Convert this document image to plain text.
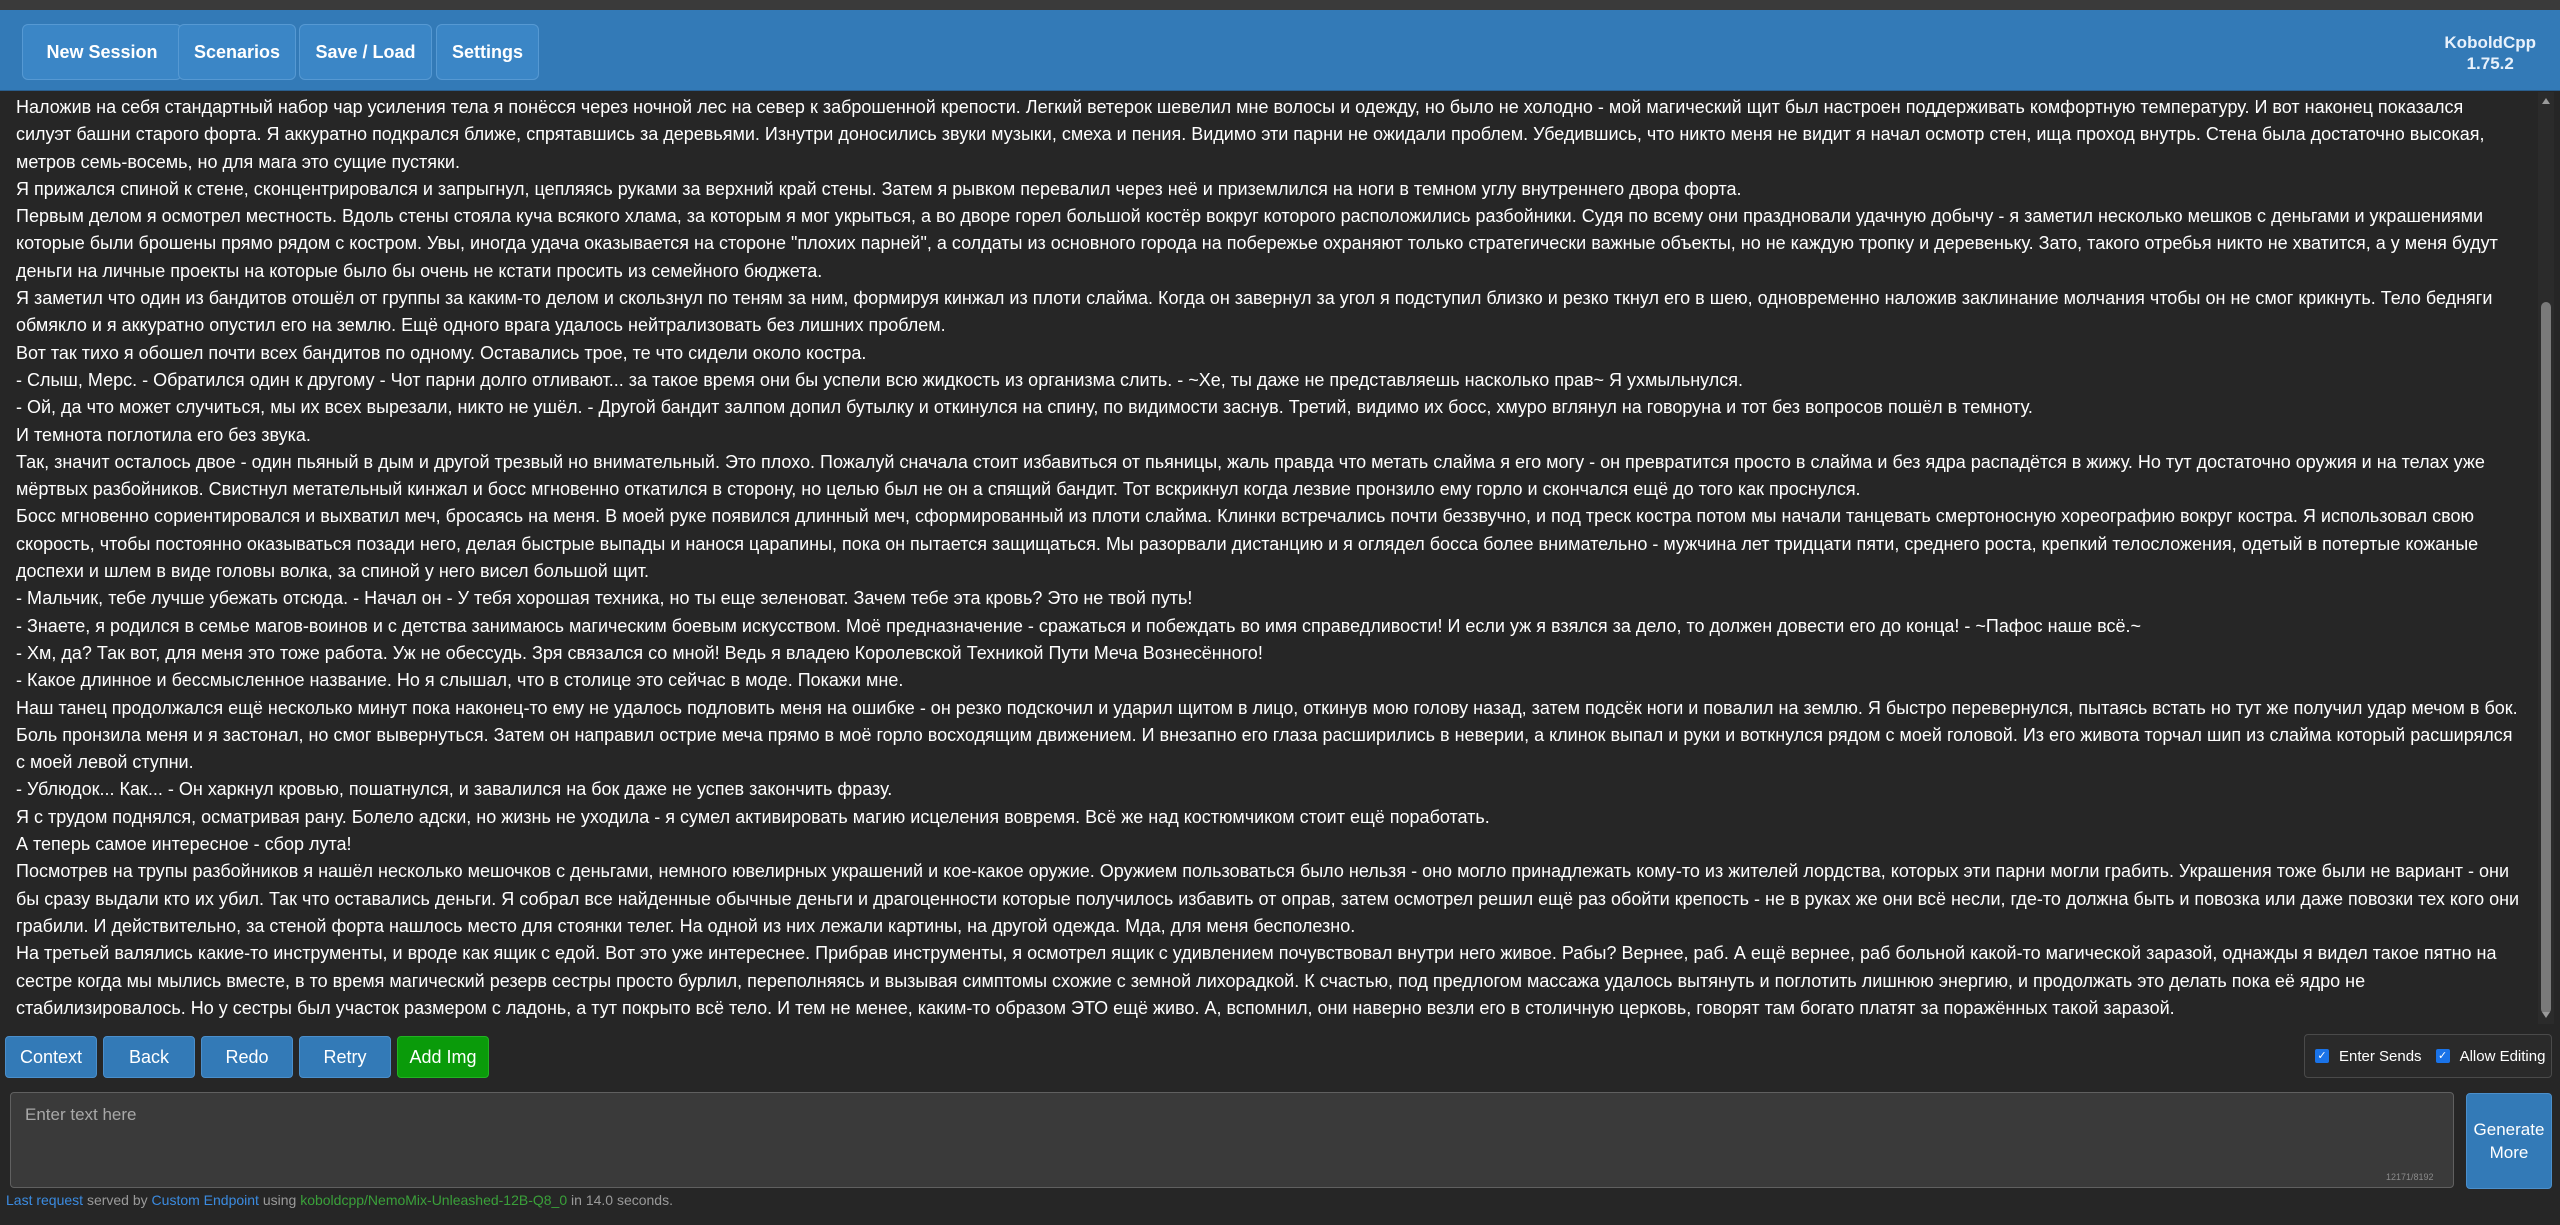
New Session	Scenarios	Save / Load	Settings	KoboldCpp
1.75.2

Наложив на себя стандартный набор чар усиления тела я понёсся через ночной лес на север к заброшенной крепости. Легкий ветерок шевелил мне волосы и одежду, но было не холодно - мой магический щит был настроен поддерживать комфортную температуру. И вот наконец показался силуэт башни старого форта. Я аккуратно подкрался ближе, спрятавшись за деревьями. Изнутри доносились звуки музыки, смеха и пения. Видимо эти парни не ожидали проблем. Убедившись, что никто меня не видит я начал осмотр стен, ища проход внутрь. Стена была достаточно высокая, метров семь-восемь, но для мага это сущие пустяки.

Я прижался спиной к стене, сконцентрировался и запрыгнул, цепляясь руками за верхний край стены. Затем я рывком перевалил через неё и приземлился на ноги в темном углу внутреннего двора форта.

Первым делом я осмотрел местность. Вдоль стены стояла куча всякого хлама, за которым я мог укрыться, а во дворе горел большой костёр вокруг которого расположились разбойники. Судя по всему они праздновали удачную добычу - я заметил несколько мешков с деньгами и украшениями которые были брошены прямо рядом с костром. Увы, иногда удача оказывается на стороне "плохих парней", а солдаты из основного города на побережье охраняют только стратегически важные объекты, но не каждую тропку и деревеньку. Зато, такого отребья никто не хватится, а у меня будут деньги на личные проекты на которые было бы очень не кстати просить из семейного бюджета.

Я заметил что один из бандитов отошёл от группы за каким-то делом и скользнул по теням за ним, формируя кинжал из плоти слайма. Когда он завернул за угол я подступил близко и резко ткнул его в шею, одновременно наложив заклинание молчания чтобы он не смог крикнуть. Тело бедняги обмякло и я аккуратно опустил его на землю. Ещё одного врага удалось нейтрализовать без лишних проблем.

Вот так тихо я обошел почти всех бандитов по одному. Оставались трое, те что сидели около костра.

- Слыш, Мерс. - Обратился один к другому - Чот парни долго отливают... за такое время они бы успели всю жидкость из организма слить. - ~Хе, ты даже не представляешь насколько прав~ Я ухмыльнулся.

- Ой, да что может случиться, мы их всех вырезали, никто не ушёл. - Другой бандит залпом допил бутылку и откинулся на спину, по видимости заснув. Третий, видимо их босс, хмуро вглянул на говоруна и тот без вопросов пошёл в темноту.

И темнота поглотила его без звука.

Так, значит осталось двое - один пьяный в дым и другой трезвый но внимательный. Это плохо. Пожалуй сначала стоит избавиться от пьяницы, жаль правда что метать слайма я его могу - он превратится просто в слайма и без ядра распадётся в жижу. Но тут достаточно оружия и на телах уже мёртвых разбойников. Свистнул метательный кинжал и босс мгновенно откатился в сторону, но целью был не он а спящий бандит. Тот вскрикнул когда лезвие пронзило ему горло и скончался ещё до того как проснулся.

Босс мгновенно сориентировался и выхватил меч, бросаясь на меня. В моей руке появился длинный меч, сформированный из плоти слайма. Клинки встречались почти беззвучно, и под треск костра потом мы начали танцевать смертоносную хореографию вокруг костра. Я использовал свою скорость, чтобы постоянно оказываться позади него, делая быстрые выпады и нанося царапины, пока он пытается защищаться. Мы разорвали дистанцию и я оглядел босса более внимательно - мужчина лет тридцати пяти, среднего роста, крепкий телосложения, одетый в потертые кожаные доспехи и шлем в виде головы волка, за спиной у него висел большой щит.

- Мальчик, тебе лучше убежать отсюда. - Начал он - У тебя хорошая техника, но ты еще зеленоват. Зачем тебе эта кровь? Это не твой путь!

- Знаете, я родился в семье магов-воинов и с детства занимаюсь магическим боевым искусством. Моё предназначение - сражаться и побеждать во имя справедливости! И если уж я взялся за дело, то должен довести его до конца! - ~Пафос наше всё.~

- Хм, да? Так вот, для меня это тоже работа. Уж не обессудь. Зря связался со мной! Ведь я владею Королевской Техникой Пути Меча Вознесённого!

- Какое длинное и бессмысленное название. Но я слышал, что в столице это сейчас в моде. Покажи мне.

Наш танец продолжался ещё несколько минут пока наконец-то ему не удалось подловить меня на ошибке - он резко подскочил и ударил щитом в лицо, откинув мою голову назад, затем подсёк ноги и повалил на землю. Я быстро перевернулся, пытаясь встать но тут же получил удар мечом в бок. Боль пронзила меня и я застонал, но смог вывернуться. Затем он направил острие меча прямо в моё горло восходящим движением. И внезапно его глаза расширились в неверии, а клинок выпал и руки и воткнулся рядом с моей головой. Из его живота торчал шип из слайма который расширялся с моей левой ступни.

- Ублюдок... Как... - Он харкнул кровью, пошатнулся, и завалился на бок даже не успев закончить фразу.

Я с трудом поднялся, осматривая рану. Болело адски, но жизнь не уходила - я сумел активировать магию исцеления вовремя. Всё же над костюмчиком стоит ещё поработать.

А теперь самое интересное - сбор лута!

Посмотрев на трупы разбойников я нашёл несколько мешочков с деньгами, немного ювелирных украшений и кое-какое оружие. Оружием пользоваться было нельзя - оно могло принадлежать кому-то из жителей лордства, которых эти парни могли грабить. Украшения тоже были не вариант - они бы сразу выдали кто их убил. Так что оставались деньги. Я собрал все найденные обычные деньги и драгоценности которые получилось избавить от оправ, затем осмотрел решил ещё раз обойти крепость - не в руках же они всё несли, где-то должна быть и повозка или даже повозки тех кого они грабили. И действительно, за стеной форта нашлось место для стоянки телег. На одной из них лежали картины, на другой одежда. Мда, для меня бесполезно.

На третьей валялись какие-то инструменты, и вроде как ящик с едой. Вот это уже интереснее. Прибрав инструменты, я осмотрел ящик с удивлением почувствовал внутри него живое. Рабы? Вернее, раб. А ещё вернее, раб больной какой-то магической заразой, однажды я видел такое пятно на сестре когда мы мылись вместе, в то время магический резерв сестры просто бурлил, переполняясь и вызывая симптомы схожие с земной лихорадкой. К счастью, под предлогом массажа удалось вытянуть и поглотить лишнюю энергию, и продолжать это делать пока её ядро не стабилизировалось. Но у сестры был участок размером с ладонь, а тут покрыто всё тело. И тем не менее, каким-то образом ЭТО ещё живо. А, вспомнил, они наверно везли его в столичную церковь, говорят там богато платят за поражённых такой заразой.

Context	Back	Redo	Retry	Add Img	✓ Enter Sends ✓ Allow Editing
Enter text here
12171/8192
Generate
More
Last request served by Custom Endpoint using koboldcpp/NemoMix-Unleashed-12B-Q8_0 in 14.0 seconds.
